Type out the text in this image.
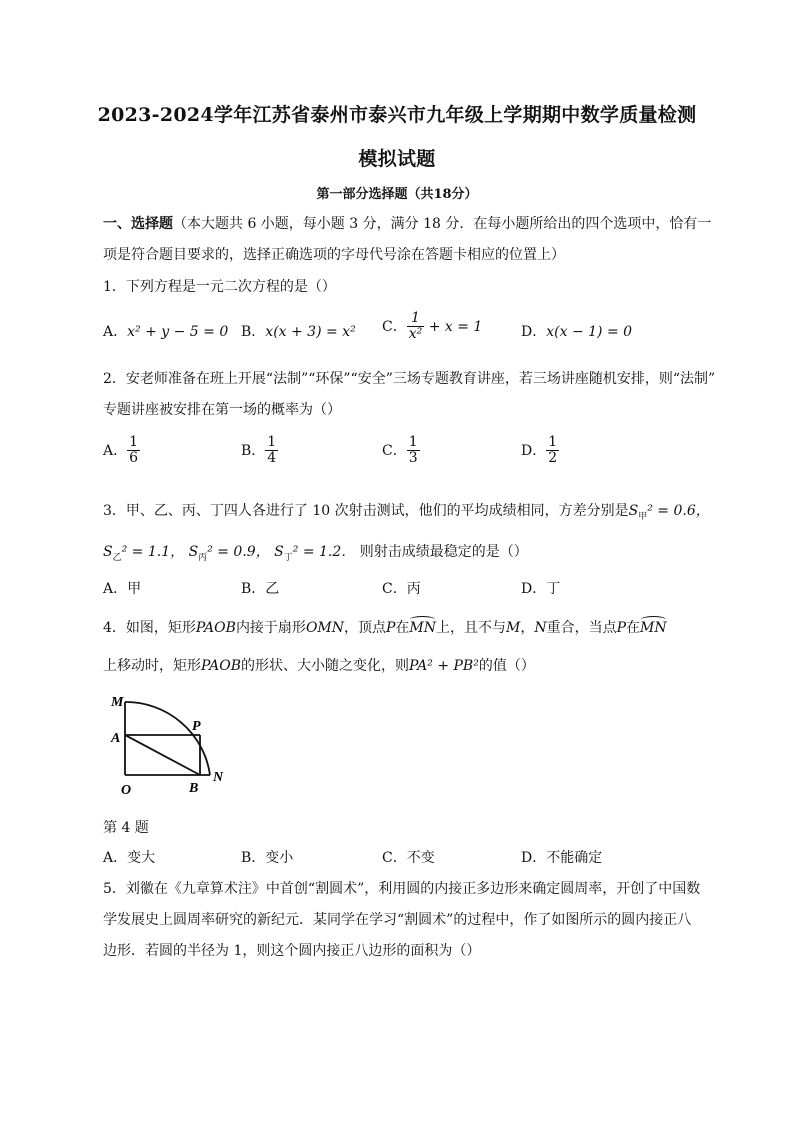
2023-2024学年江苏省泰州市泰兴市九年级上学期期中数学质量检测
模拟试题
第一部分选择题（共18分）
一、选择题（本大题共 6 小题，每小题 3 分，满分 18 分．在每小题所给出的四个选项中，恰有一
项是符合题目要求的，选择正确选项的字母代号涂在答题卡相应的位置上）
1．下列方程是一元二次方程的是（）
A．x² + y − 5 = 0 B．x(x + 3) = x² C． $\frac{1}{\text{x²}} + x = 1$	D．x(x − 1) = 0
2．安老师准备在班上开展“法制”“环保”“安全”三场专题教育讲座，若三场讲座随机安排，则“法制”
专题讲座被安排在第一场的概率为（）
A． $\frac{1}{6}$	B． $\frac{1}{4}$	C． $\frac{1}{3}$	D． $\frac{1}{2}$
3．甲、乙、丙、丁四人各进行了 10 次射击测试，他们的平均成绩相同，方差分别是$S_甲^2 = 0.6$，
$S_乙^2 = 1.1$， $S_丙^2 = 0.9$， $S_丁^2 = 1.2$． 则射击成绩最稳定的是（）
A．甲	B．乙	C．丙	D．丁
4．如图，矩形PAOB内接于扇形OMN，顶点P在MN上，且不与M，N重合，当点P在MN
上移动时，矩形PAOB的形状、大小随之变化，则PA² + PB²的值（）
M
P
A
O	B
N
第 4 题
A．变大	B．变小	C．不变	D．不能确定
5．刘徽在《九章算术注》中首创“割圆术”，利用圆的内接正多边形来确定圆周率，开创了中国数
学发展史上圆周率研究的新纪元．某同学在学习“割圆术”的过程中，作了如图所示的圆内接正八
边形．若圆的半径为 1，则这个圆内接正八边形的面积为（）
